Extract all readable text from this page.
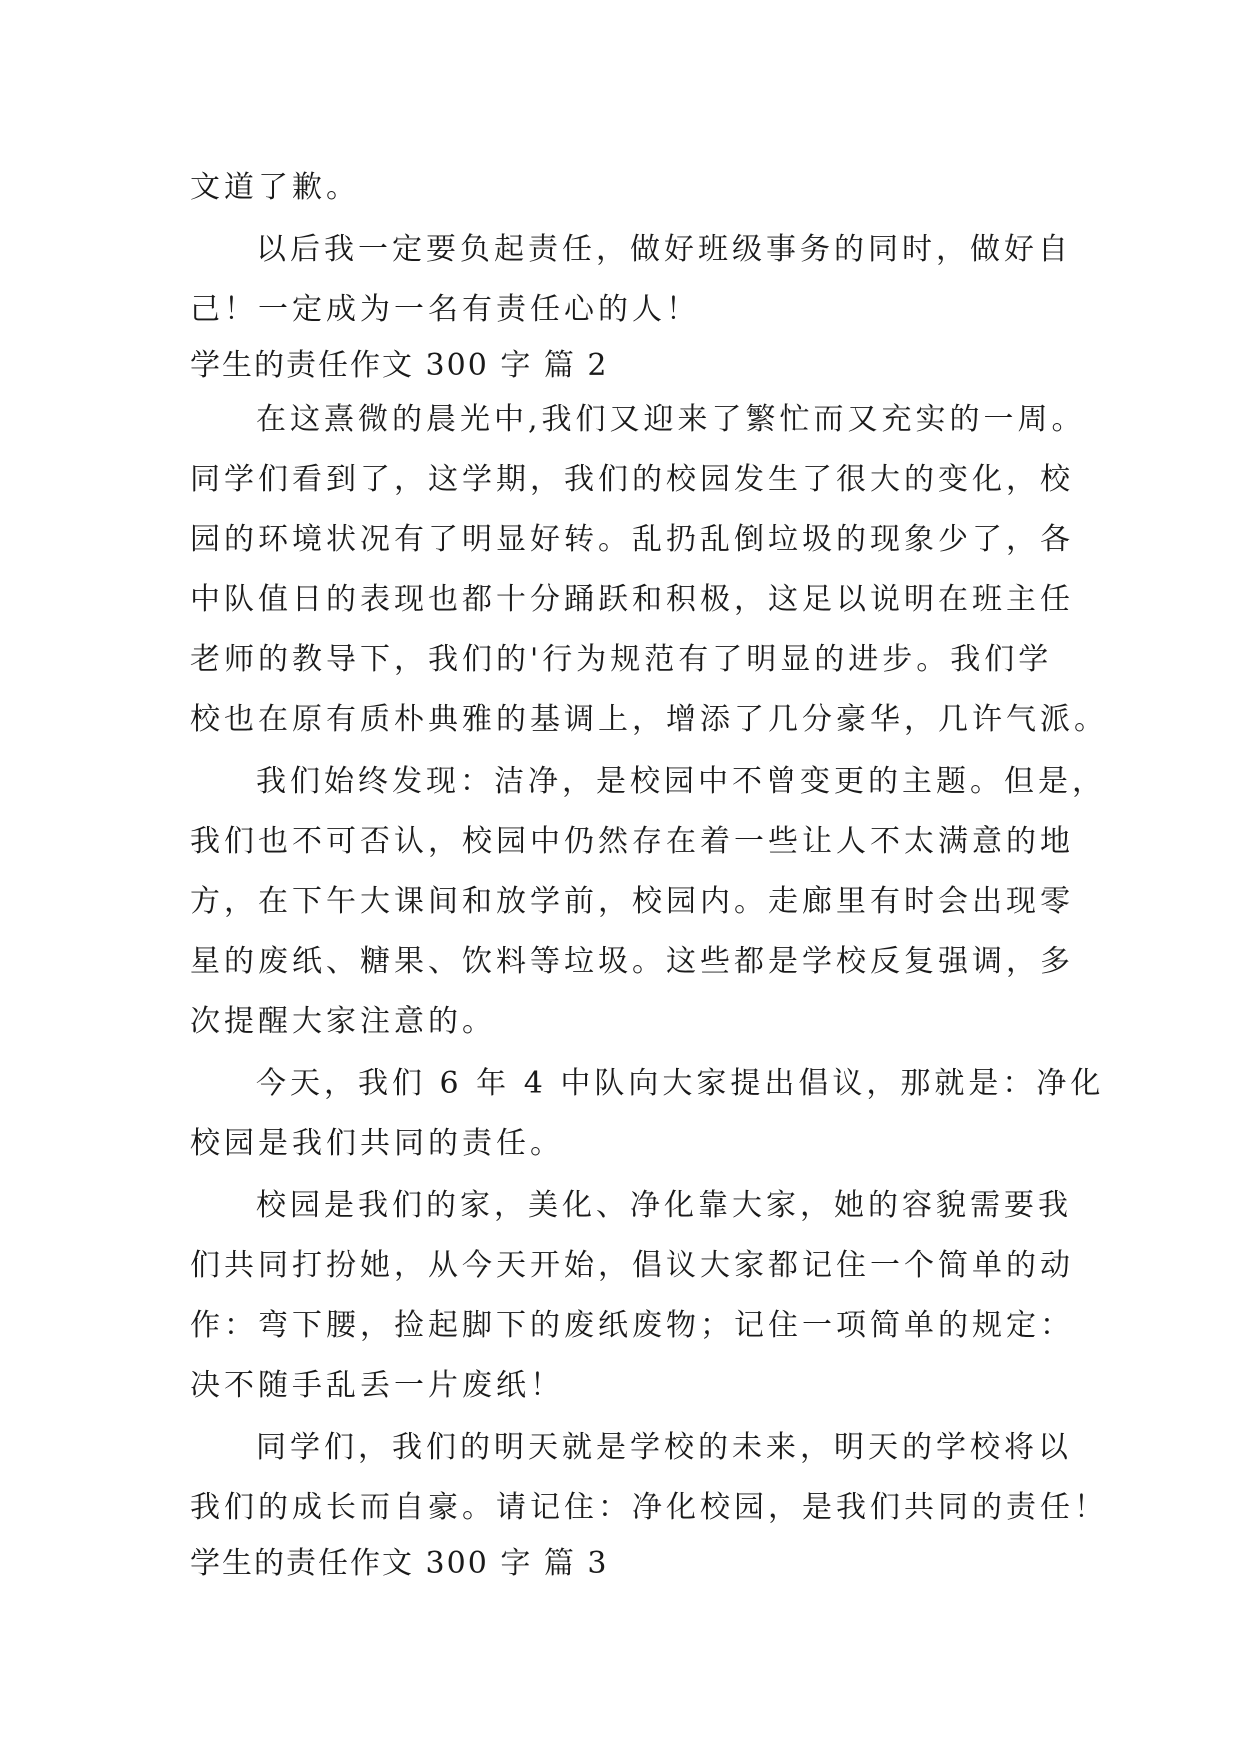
文道了歉。
以后我一定要负起责任，做好班级事务的同时，做好自
己！一定成为一名有责任心的人！
学生的责任作文 300 字 篇 2
在这熹微的晨光中,我们又迎来了繁忙而又充实的一周。
同学们看到了，这学期，我们的校园发生了很大的变化，校
园的环境状况有了明显好转。乱扔乱倒垃圾的现象少了，各
中队值日的表现也都十分踊跃和积极，这足以说明在班主任
老师的教导下，我们的'行为规范有了明显的进步。我们学
校也在原有质朴典雅的基调上，增添了几分豪华，几许气派。
我们始终发现：洁净，是校园中不曾变更的主题。但是，
我们也不可否认，校园中仍然存在着一些让人不太满意的地
方，在下午大课间和放学前，校园内。走廊里有时会出现零
星的废纸、糖果、饮料等垃圾。这些都是学校反复强调，多
次提醒大家注意的。
今天，我们 6 年 4 中队向大家提出倡议，那就是：净化
校园是我们共同的责任。
校园是我们的家，美化、净化靠大家，她的容貌需要我
们共同打扮她，从今天开始，倡议大家都记住一个简单的动
作：弯下腰，捡起脚下的废纸废物；记住一项简单的规定：
决不随手乱丢一片废纸！
同学们，我们的明天就是学校的未来，明天的学校将以
我们的成长而自豪。请记住：净化校园，是我们共同的责任！
学生的责任作文 300 字 篇 3
